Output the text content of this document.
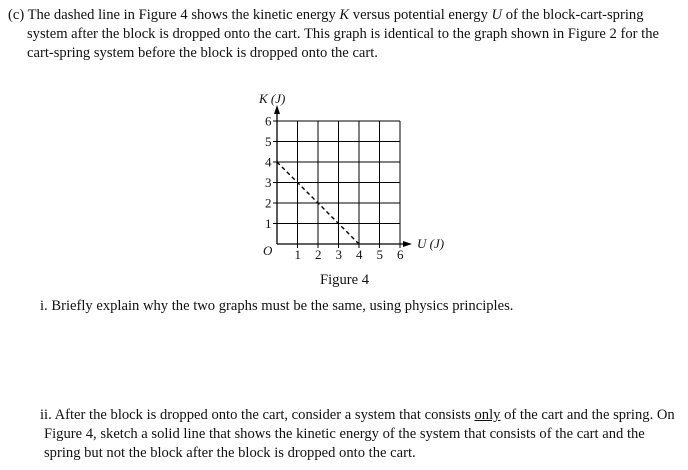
(c) The dashed line in Figure 4 shows the kinetic energy K versus potential energy U of the block-cart-spring
system after the block is dropped onto the cart. This graph is identical to the graph shown in Figure 2 for the
cart-spring system before the block is dropped onto the cart.
1
2
3
4
5
6
1 2 3 4 5 6
K (J)
U (J)
O
Figure 4
i. Briefly explain why the two graphs must be the same, using physics principles.
ii. After the block is dropped onto the cart, consider a system that consists only of the cart and the spring. On
Figure 4, sketch a solid line that shows the kinetic energy of the system that consists of the cart and the
spring but not the block after the block is dropped onto the cart.
